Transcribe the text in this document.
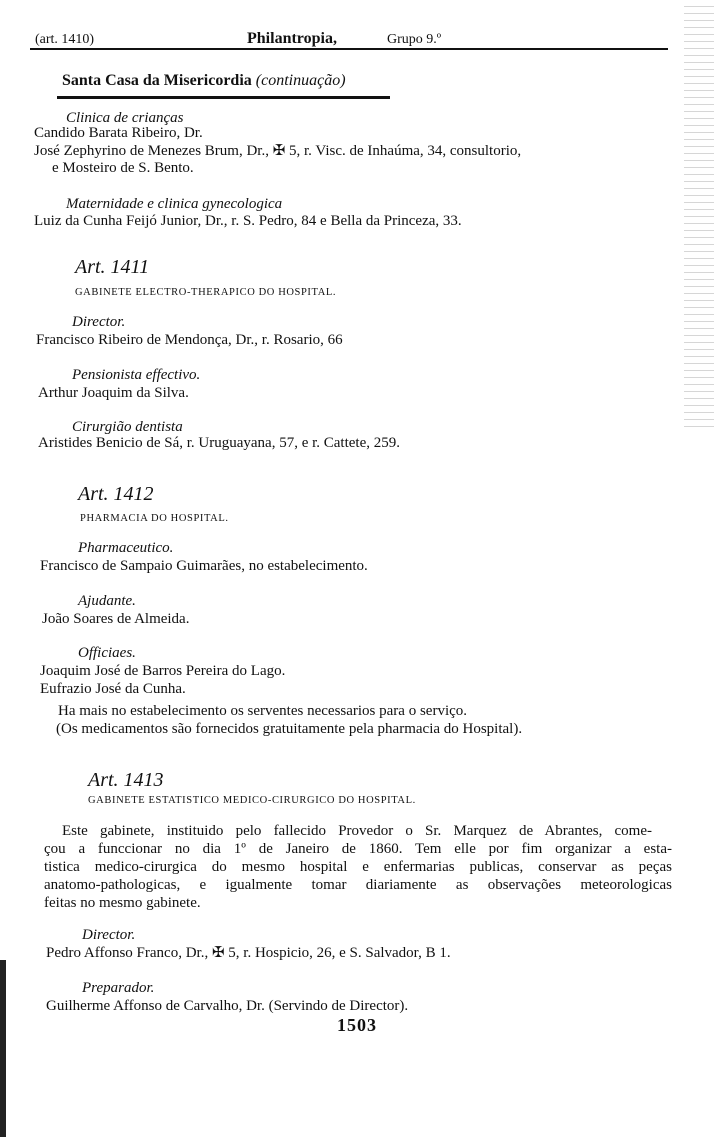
(art. 1410)	Philantropia,	Grupo 9.º
Santa Casa da Misericordia (continuação)
Clinica de crianças
Candido Barata Ribeiro, Dr.
José Zephyrino de Menezes Brum, Dr., ✠ 5, r. Visc. de Inhaúma, 34, consultorio,
e Mosteiro de S. Bento.
Maternidade e clinica gynecologica
Luiz da Cunha Feijó Junior, Dr., r. S. Pedro, 84 e Bella da Princeza, 33.
Art. 1411
GABINETE ELECTRO-THERAPICO DO HOSPITAL.
Director.
Francisco Ribeiro de Mendonça, Dr., r. Rosario, 66
Pensionista effectivo.
Arthur Joaquim da Silva.
Cirurgião dentista
Aristides Benicio de Sá, r. Uruguayana, 57, e r. Cattete, 259.
Art. 1412
PHARMACIA DO HOSPITAL.
Pharmaceutico.
Francisco de Sampaio Guimarães, no estabelecimento.
Ajudante.
João Soares de Almeida.
Officiaes.
Joaquim José de Barros Pereira do Lago.
Eufrazio José da Cunha.
Ha mais no estabelecimento os serventes necessarios para o serviço.
(Os medicamentos são fornecidos gratuitamente pela pharmacia do Hospital).
Art. 1413
GABINETE ESTATISTICO MEDICO-CIRURGICO DO HOSPITAL.
Este gabinete, instituido pelo fallecido Provedor o Sr. Marquez de Abrantes, come-
çou a funccionar no dia 1º de Janeiro de 1860. Tem elle por fim organizar a esta-
tistica medico-cirurgica do mesmo hospital e enfermarias publicas, conservar as peças
anatomo-pathologicas, e igualmente tomar diariamente as observações meteorologicas
feitas no mesmo gabinete.
Director.
Pedro Affonso Franco, Dr., ✠ 5, r. Hospicio, 26, e S. Salvador, B 1.
Preparador.
Guilherme Affonso de Carvalho, Dr. (Servindo de Director).
1503
